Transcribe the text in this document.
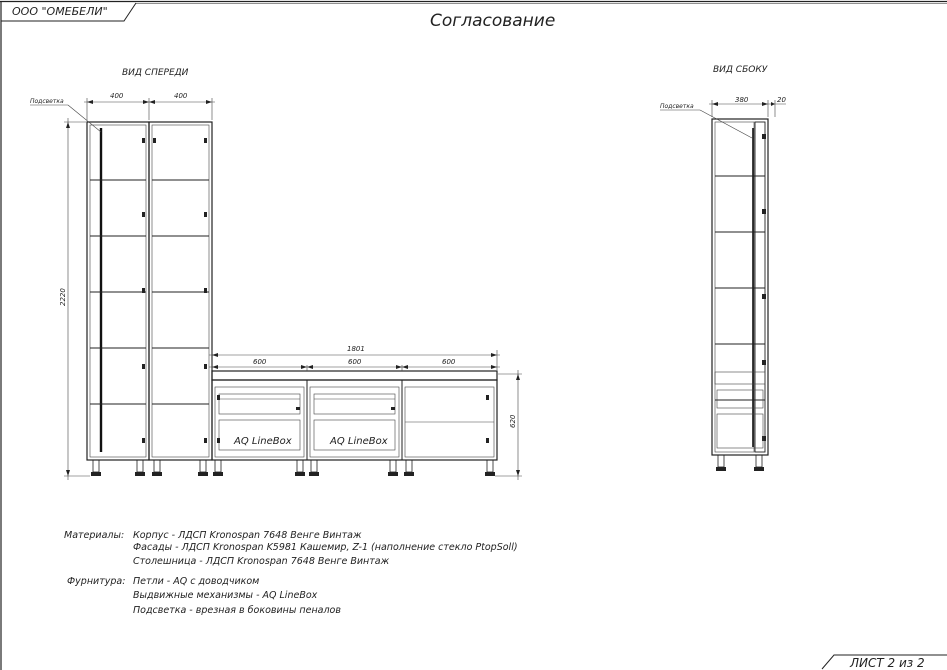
ООО "ОМЕБЕЛИ"	Согласование
ВИД СПЕРЕДИ	ВИД СБОКУ
AQ LineBox	AQ LineBox
400	400
2220
1801
600	600	600
620
Подсветка	380	20
Подсветка
Материалы: Корпус - ЛДСП Kronospan 7648 Венге Винтаж
Фасады - ЛДСП Kronospan K5981 Кашемир, Z-1 (наполнение стекло PtopSoll)
Столешница - ЛДСП Kronospan 7648 Венге Винтаж
Фурнитура: Петли - AQ с доводчиком
Выдвижные механизмы - AQ LineBox
Подсветка - врезная в боковины пеналов
ЛИСТ 2 из 2
